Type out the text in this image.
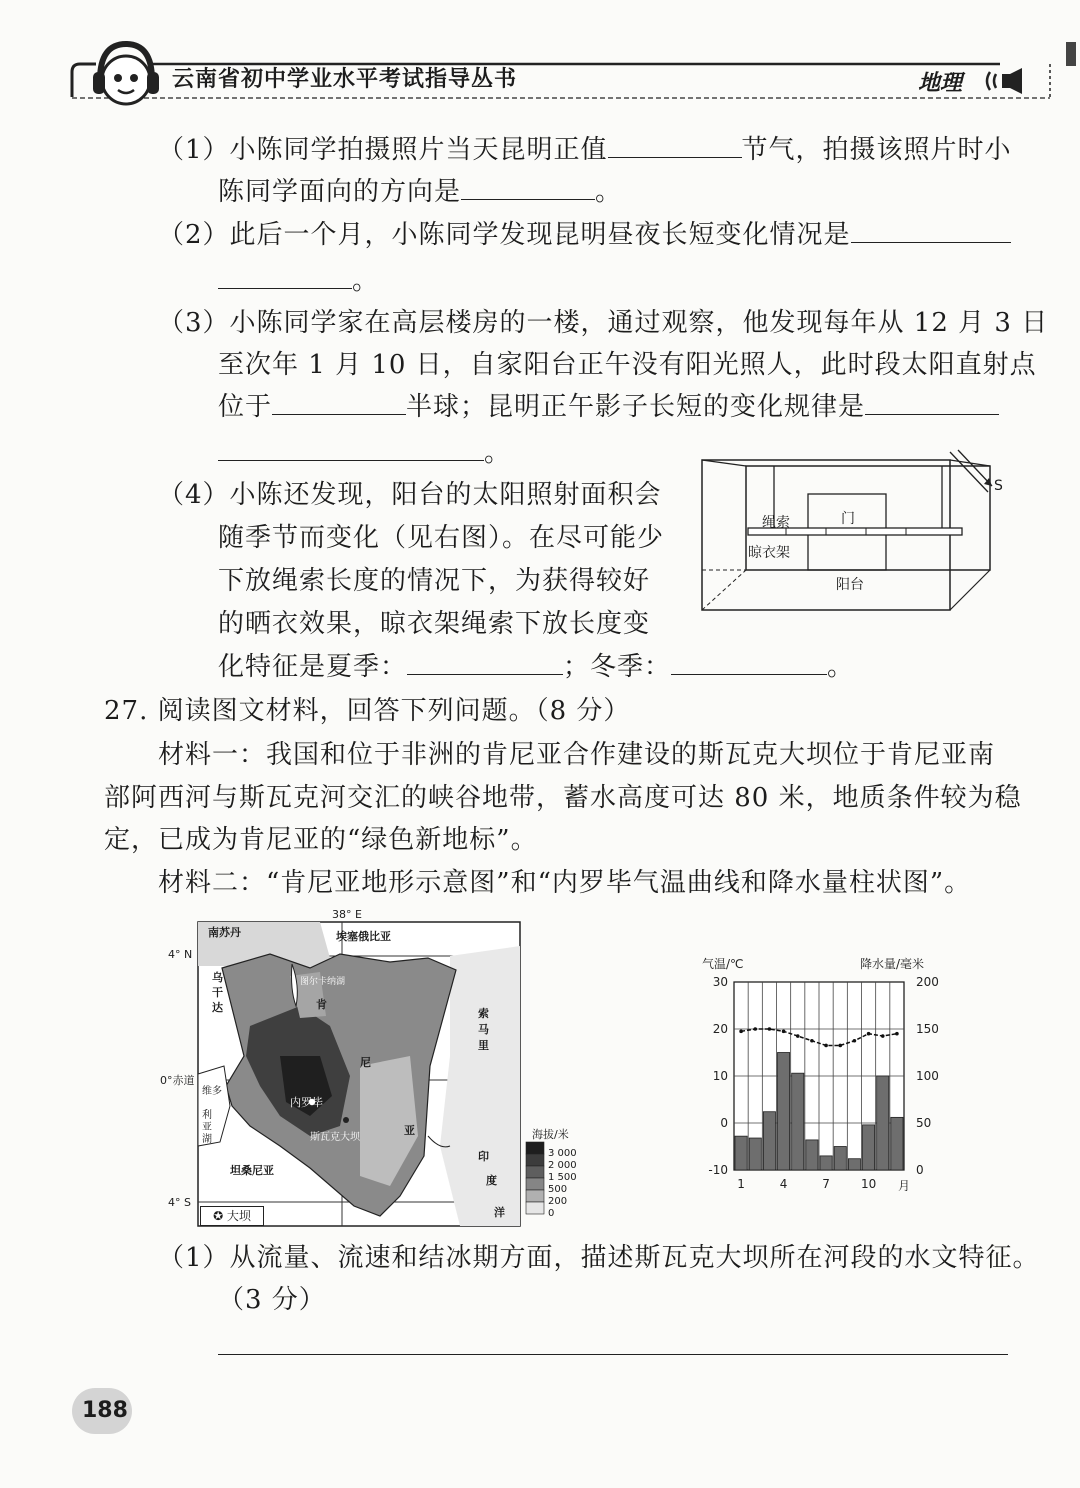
云南省初中学业水平考试指导丛书	地理
（1）小陈同学拍摄照片当天昆明正值	节气，拍摄该照片时小
陈同学面向的方向是	。
（2）此后一个月，小陈同学发现昆明昼夜长短变化情况是
。
（3）小陈同学家在高层楼房的一楼，通过观察，他发现每年从 12 月 3 日
至次年 1 月 10 日，自家阳台正午没有阳光照人，此时段太阳直射点
位于	半球；昆明正午影子长短的变化规律是
。
（4）小陈还发现，阳台的太阳照射面积会
随季节而变化（见右图）。在尽可能少
下放绳索长度的情况下，为获得较好
的晒衣效果，晾衣架绳索下放长度变
化特征是夏季：	；冬季：	。
绳索	门
晾衣架
阳台
S
27. 阅读图文材料，回答下列问题。（8 分）
材料一：我国和位于非洲的肯尼亚合作建设的斯瓦克大坝位于肯尼亚南
部阿西河与斯瓦克河交汇的峡谷地带，蓄水高度可达 80 米，地质条件较为稳
定，已成为肯尼亚的“绿色新地标”。
材料二：“肯尼亚地形示意图”和“内罗毕气温曲线和降水量柱状图”。
38° E
4° N
0°赤道
4° S
南苏丹	埃塞俄比亚
乌干达	肯
尼
亚
索马里
维多
利亚湖
坦桑尼亚
印
度
洋
图尔卡纳湖
内罗毕
斯瓦克大坝	海拔/米
3 000
2 000
1 500
500
200
0
✪ 大坝
气温/℃	降水量/毫米
月
30
20
10
0
-10
200
150
100
50
0
1	4	7	10
（1）从流量、流速和结冰期方面，描述斯瓦克大坝所在河段的水文特征。
（3 分）
188
